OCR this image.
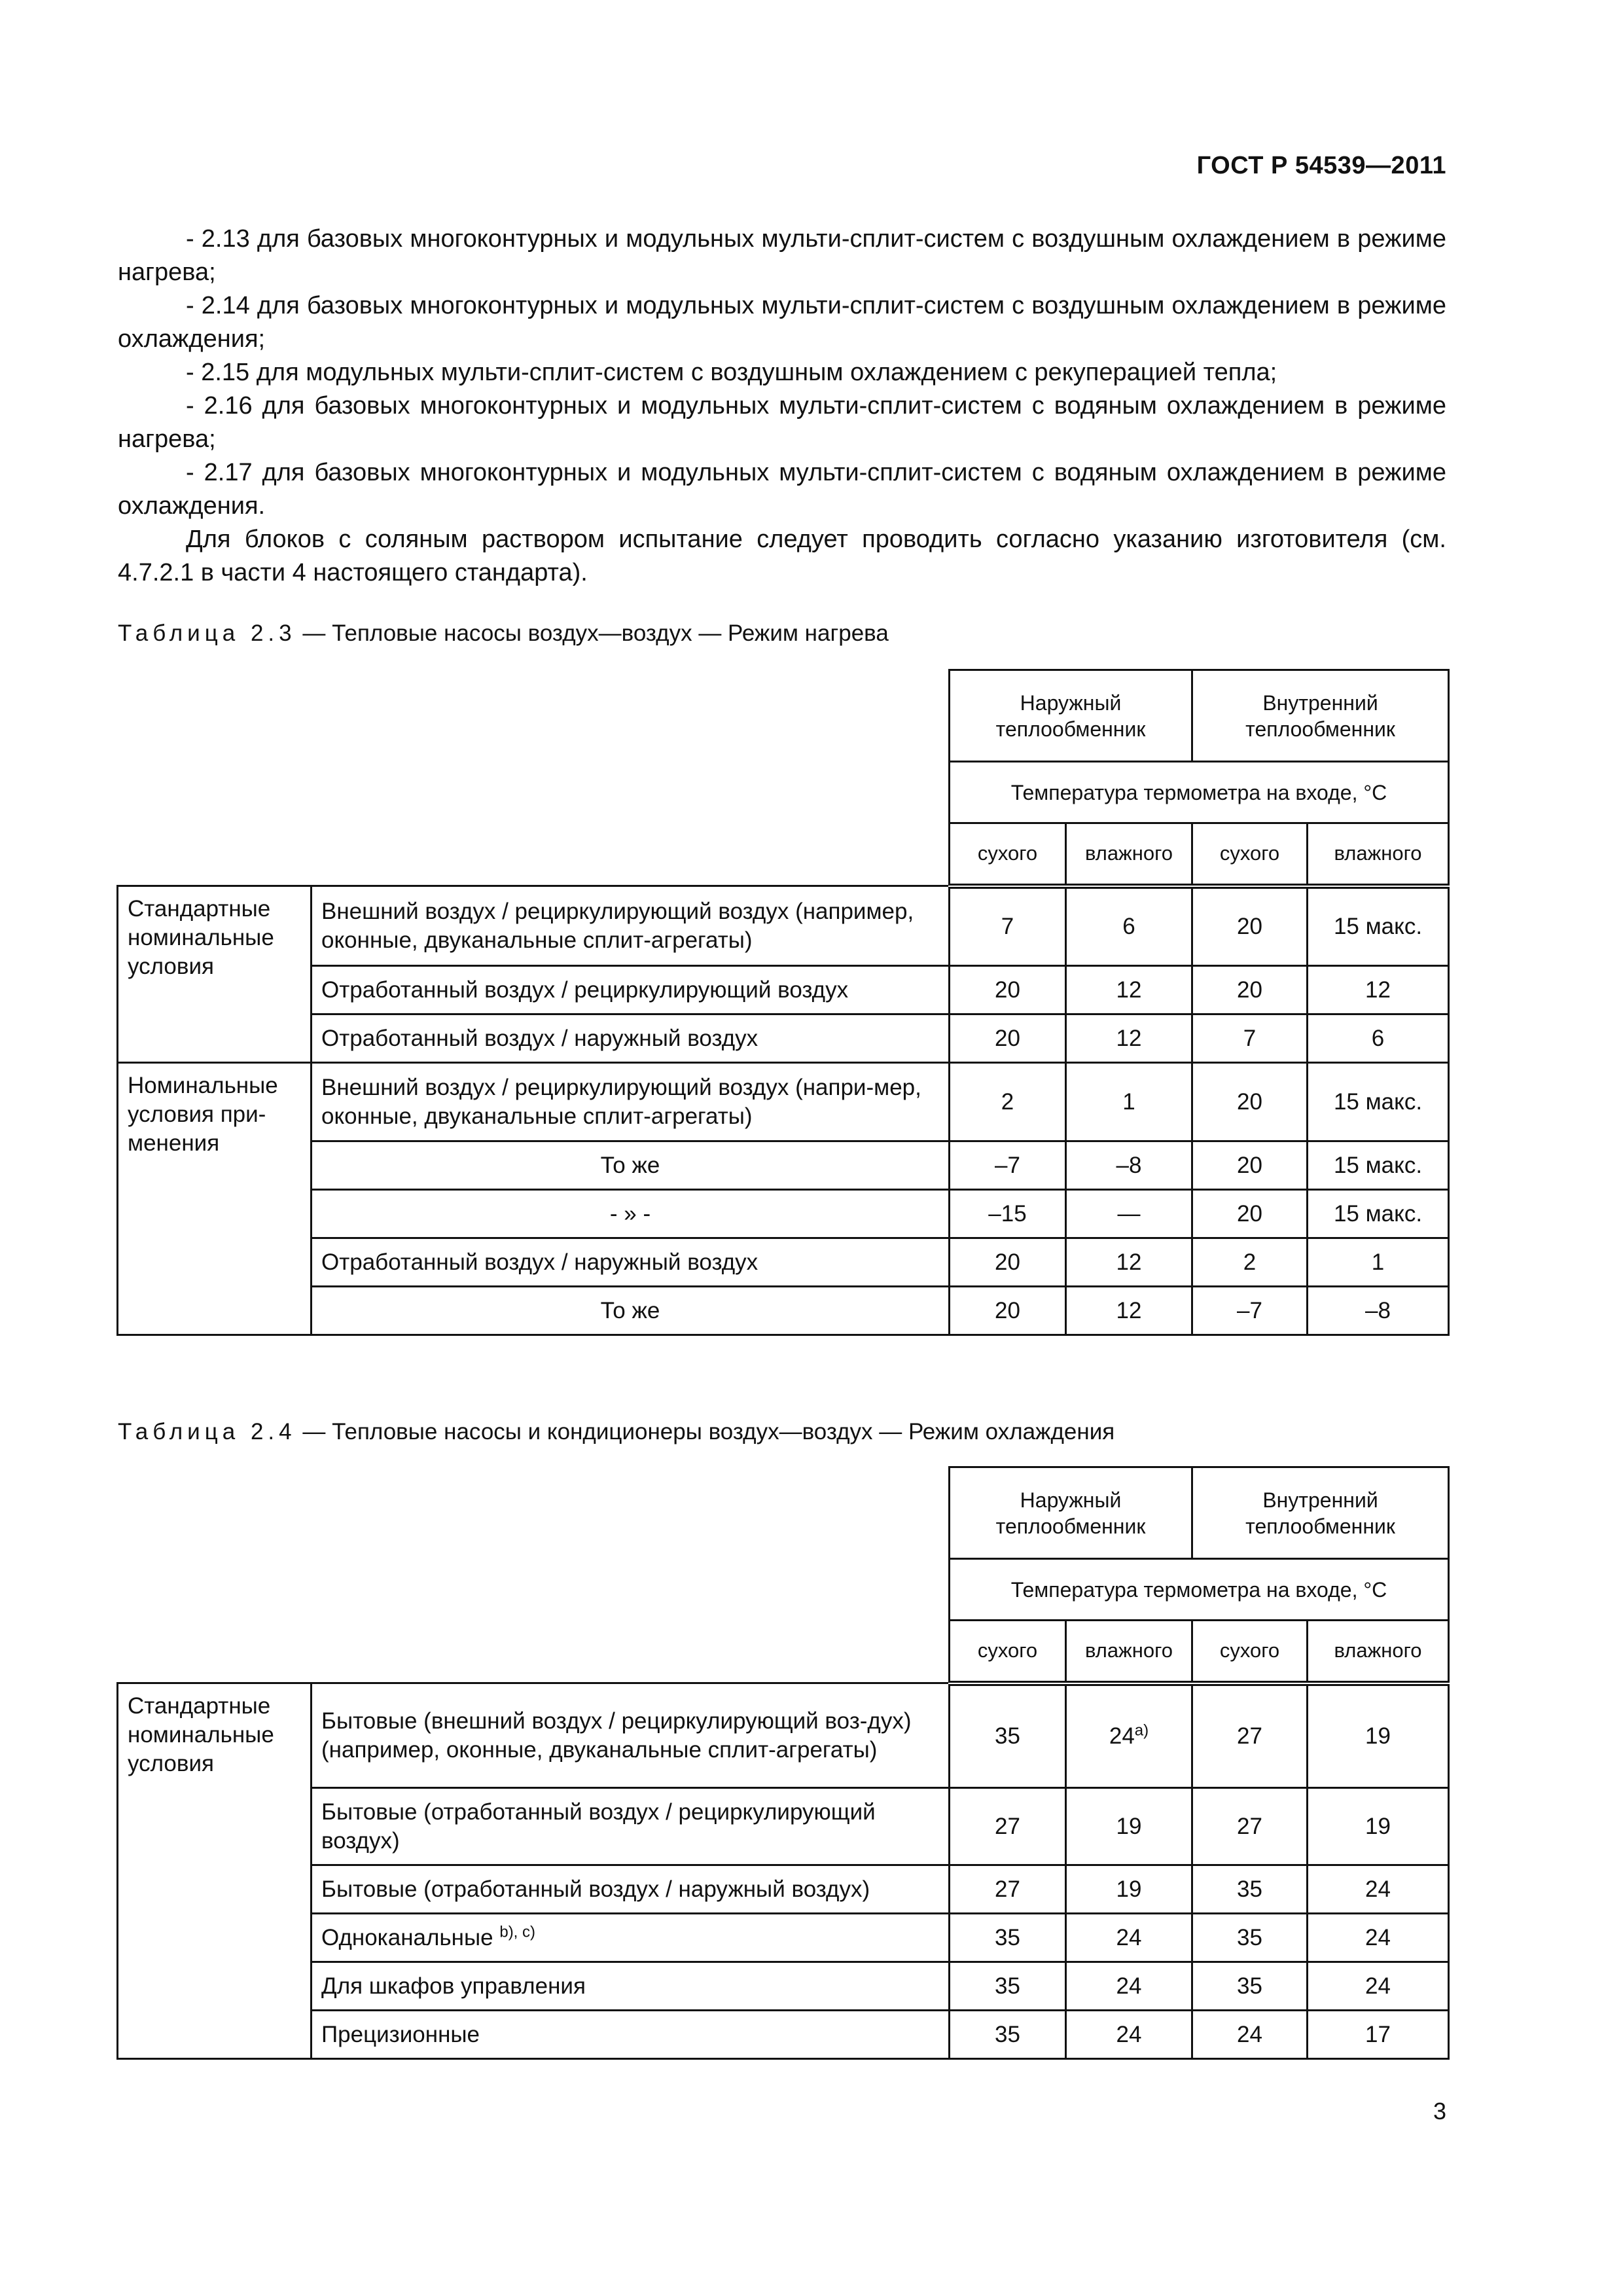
ГОСТ Р 54539—2011

- 2.13 для базовых многоконтурных и модульных мульти-сплит-систем с воздушным охлаждением в режиме нагрева;

- 2.14 для базовых многоконтурных и модульных мульти-сплит-систем с воздушным охлаждением в режиме охлаждения;

- 2.15 для модульных мульти-сплит-систем с воздушным охлаждением с рекуперацией тепла;

- 2.16 для базовых многоконтурных и модульных мульти-сплит-систем с водяным охлаждением в режиме нагрева;

- 2.17 для базовых многоконтурных и модульных мульти-сплит-систем с водяным охлаждением в режиме охлаждения.

Для блоков с соляным раствором испытание следует проводить согласно указанию изготовителя (см. 4.7.2.1 в части 4 настоящего стандарта).

Таблица 2.3 — Тепловые насосы воздух—воздух — Режим нагрева
		Наружный теплообменник		Внутренний теплообменник	
		Температура термометра на входе, °C			
		сухого	влажного	сухого	влажного
Стандартные номинальные условия	Внешний воздух / рециркулирующий воздух (например, оконные, двуканальные сплит-агрегаты)	7	6	20	15 макс.
	Отработанный воздух / рециркулирующий воздух	20	12	20	12
	Отработанный воздух / наружный воздух	20	12	7	6
Номинальные условия при-менения	Внешний воздух / рециркулирующий воздух (напри-мер, оконные, двуканальные сплит-агрегаты)	2	1	20	15 макс.
	То же	–7	–8	20	15 макс.
	- » -	–15	—	20	15 макс.
	Отработанный воздух / наружный воздух	20	12	2	1
	То же	20	12	–7	–8
Таблица 2.4 — Тепловые насосы и кондиционеры воздух—воздух — Режим охлаждения
		Наружный теплообменник		Внутренний теплообменник	
		Температура термометра на входе, °C			
		сухого	влажного	сухого	влажного
Стандартные номинальные условия	Бытовые (внешний воздух / рециркулирующий воз-дух) (например, оконные, двуканальные сплит-агрегаты)	35	24$^{a)}$	27	19
	Бытовые (отработанный воздух / рециркулирующий воздух)	27	19	27	19
	Бытовые (отработанный воздух / наружный воздух)	27	19	35	24
	Одноканальные $^{b), c)}$	35	24	35	24
	Для шкафов управления	35	24	35	24
	Прецизионные	35	24	24	17
3
